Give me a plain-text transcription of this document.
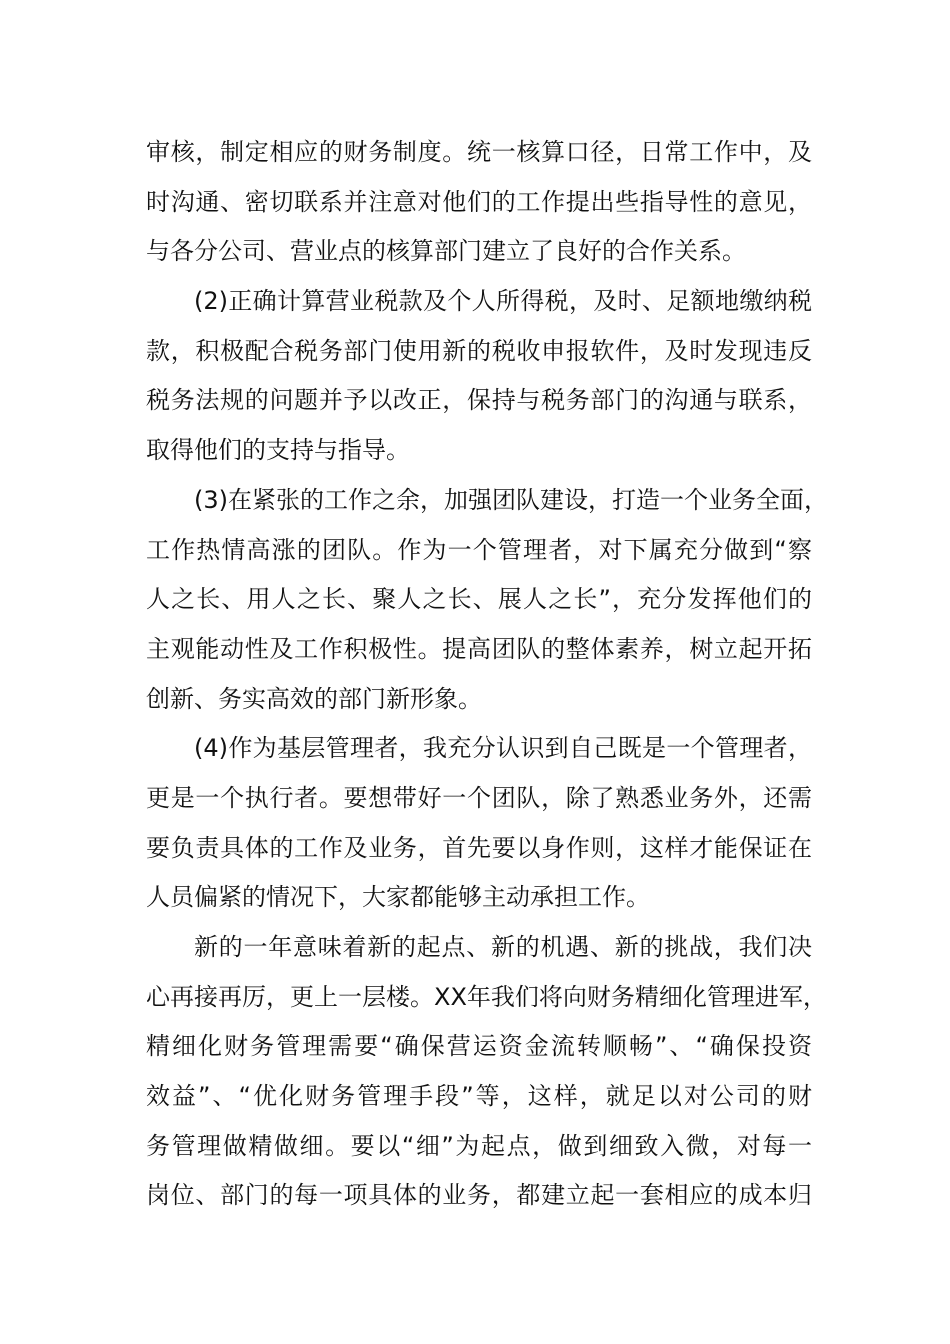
审核，制定相应的财务制度。统一核算口径，日常工作中，及
时沟通、密切联系并注意对他们的工作提出些指导性的意见，
与各分公司、营业点的核算部门建立了良好的合作关系。
(2)正确计算营业税款及个人所得税，及时、足额地缴纳税
款，积极配合税务部门使用新的税收申报软件，及时发现违反
税务法规的问题并予以改正，保持与税务部门的沟通与联系，
取得他们的支持与指导。
(3)在紧张的工作之余，加强团队建设，打造一个业务全面，
工作热情高涨的团队。作为一个管理者，对下属充分做到“察
人之长、用人之长、聚人之长、展人之长”，充分发挥他们的
主观能动性及工作积极性。提高团队的整体素养，树立起开拓
创新、务实高效的部门新形象。
(4)作为基层管理者，我充分认识到自己既是一个管理者，
更是一个执行者。要想带好一个团队，除了熟悉业务外，还需
要负责具体的工作及业务，首先要以身作则，这样才能保证在
人员偏紧的情况下，大家都能够主动承担工作。
新的一年意味着新的起点、新的机遇、新的挑战，我们决
心再接再厉，更上一层楼。XX年我们将向财务精细化管理进军，
精细化财务管理需要“确保营运资金流转顺畅”、“确保投资
效益”、“优化财务管理手段”等，这样，就足以对公司的财
务管理做精做细。要以“细”为起点，做到细致入微，对每一
岗位、部门的每一项具体的业务，都建立起一套相应的成本归
